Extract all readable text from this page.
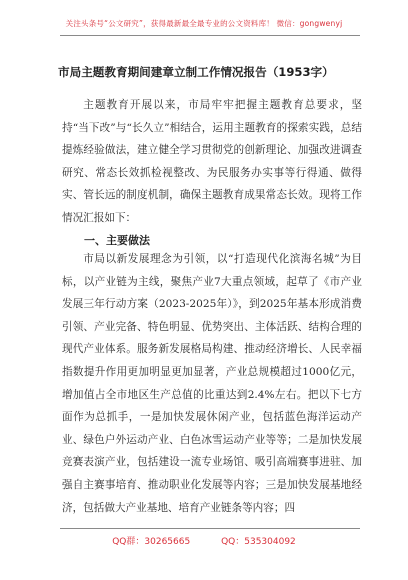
关注头条号“公文研究”，获得最新最全最专业的公文资料库！ 微信：gongwenyj
市局主题教育期间建章立制工作情况报告（1953字）

主题教育开展以来，市局牢牢把握主题教育总要求，坚持“当下改”与“长久立”相结合，运用主题教育的探索实践，总结提炼经验做法，建立健全学习贯彻党的创新理论、加强改进调查研究、常态长效抓检视整改、为民服务办实事等行得通、做得实、管长远的制度机制，确保主题教育成果常态长效。现将工作情况汇报如下：

一、主要做法

市局以新发展理念为引领，以“打造现代化滨海名城”为目标，以产业链为主线，聚焦产业7大重点领域，起草了《市产业发展三年行动方案（2023-2025年）》，到2025年基本形成消费引领、产业完备、特色明显、优势突出、主体活跃、结构合理的现代产业体系。服务新发展格局构建、推动经济增长、人民幸福指数提升作用更加明显更加显著，产业总规模超过1000亿元，增加值占全市地区生产总值的比重达到2.4%左右。把以下七方面作为总抓手，一是加快发展休闲产业，包括蓝色海洋运动产业、绿色户外运动产业、白色冰雪运动产业等等；二是加快发展竞赛表演产业，包括建设一流专业场馆、吸引高端赛事进驻、加强自主赛事培育、推动职业化发展等内容；三是加快发展基地经济，包括做大产业基地、培育产业链条等内容；四

QQ群：30265665	QQ：535304092
